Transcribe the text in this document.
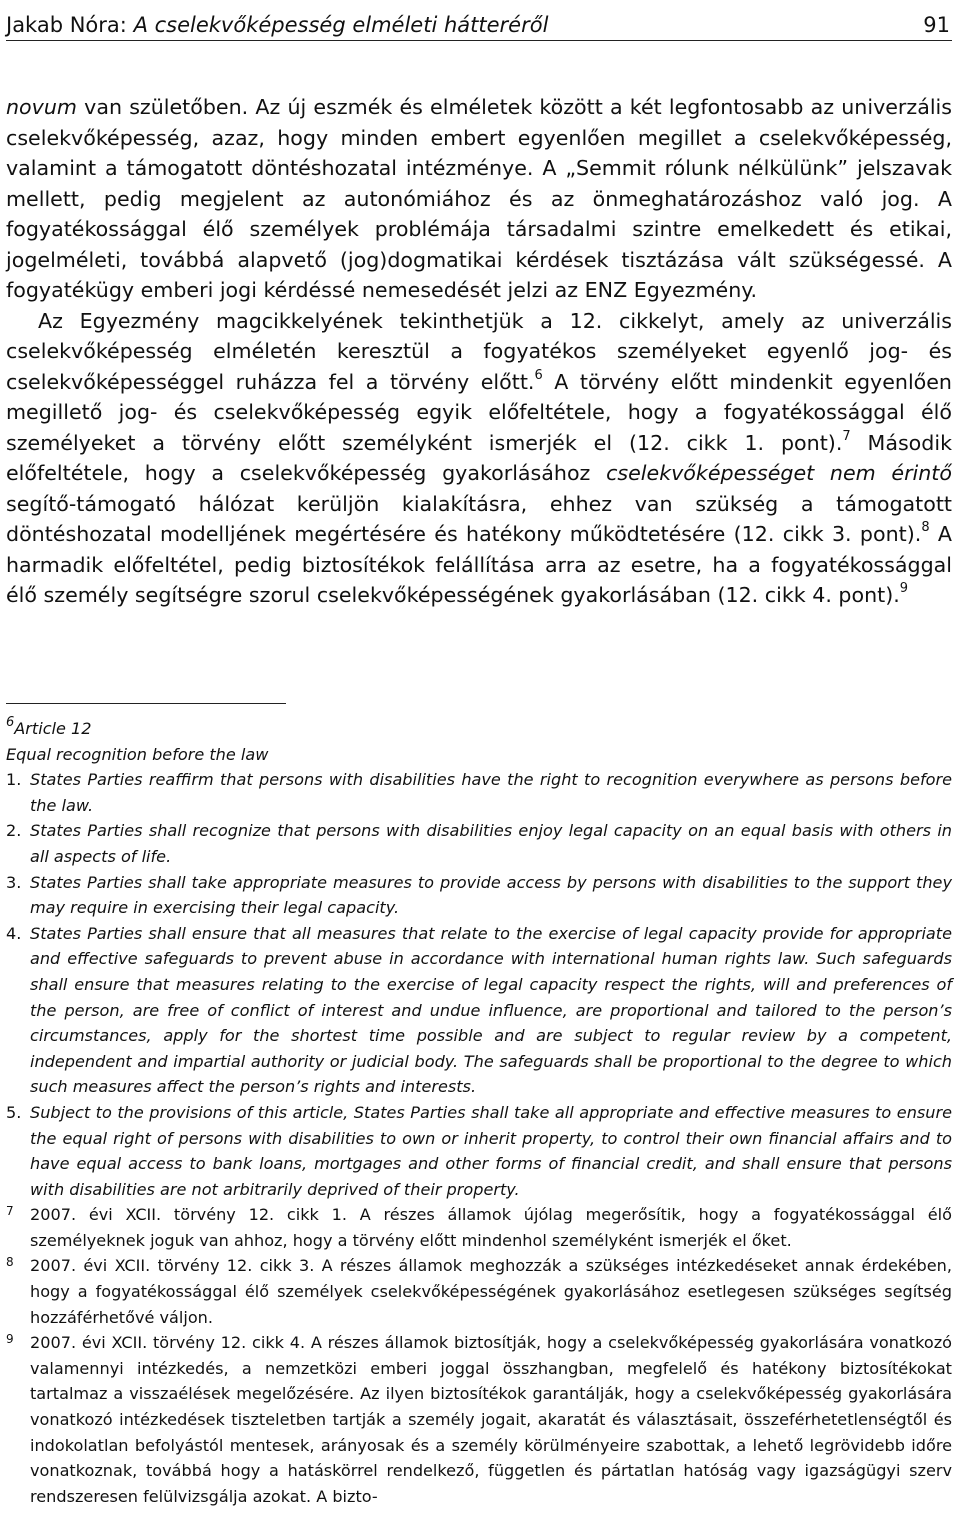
Jakab Nóra: A cselekvőképesség elméleti hátteréről	91

novum van születőben. Az új eszmék és elméletek között a két legfontosabb az univerzális cselekvőképesség, azaz, hogy minden embert egyenlően megillet a cselekvőképesség, valamint a támogatott döntéshozatal intézménye. A „Semmit rólunk nélkülünk” jelszavak mellett, pedig megjelent az autonómiához és az önmeghatározáshoz való jog. A fogyatékossággal élő személyek problémája társadalmi szintre emelkedett és etikai, jogelméleti, továbbá alapvető (jog)dogmatikai kérdések tisztázása vált szükségessé. A fogyatékügy emberi jogi kérdéssé nemesedését jelzi az ENZ Egyezmény.

Az Egyezmény magcikkelyének tekinthetjük a 12. cikkelyt, amely az univerzális cselekvőképesség elméletén keresztül a fogyatékos személyeket egyenlő jog- és cselekvőképességgel ruházza fel a törvény előtt.$^6$ A törvény előtt mindenkit egyenlően megillető jog- és cselekvőképesség egyik előfeltétele, hogy a fogyatékossággal élő személyeket a törvény előtt személyként ismerjék el (12. cikk 1. pont).$^7$ Második előfeltétele, hogy a cselekvőképesség gyakorlásához cselekvőképességet nem érintő segítő-támogató hálózat kerüljön kialakításra, ehhez van szükség a támogatott döntéshozatal modelljének megértésére és hatékony működtetésére (12. cikk 3. pont).$^8$ A harmadik előfeltétel, pedig biztosítékok felállítása arra az esetre, ha a fogyatékossággal élő személy segítségre szorul cselekvőképességének gyakorlásában (12. cikk 4. pont).$^9$

$^6$Article 12

Equal recognition before the law

1. States Parties reaffirm that persons with disabilities have the right to recognition everywhere as persons before the law.
2. States Parties shall recognize that persons with disabilities enjoy legal capacity on an equal basis with others in all aspects of life.
3. States Parties shall take appropriate measures to provide access by persons with disabilities to the support they may require in exercising their legal capacity.
4. States Parties shall ensure that all measures that relate to the exercise of legal capacity provide for appropriate and effective safeguards to prevent abuse in accordance with international human rights law. Such safeguards shall ensure that measures relating to the exercise of legal capacity respect the rights, will and preferences of the person, are free of conflict of interest and undue influence, are proportional and tailored to the person’s circumstances, apply for the shortest time possible and are subject to regular review by a competent, independent and impartial authority or judicial body. The safeguards shall be proportional to the degree to which such measures affect the person’s rights and interests.
5. Subject to the provisions of this article, States Parties shall take all appropriate and effective measures to ensure the equal right of persons with disabilities to own or inherit property, to control their own financial affairs and to have equal access to bank loans, mortgages and other forms of financial credit, and shall ensure that persons with disabilities are not arbitrarily deprived of their property.
7	2007. évi XCII. törvény 12. cikk 1. A részes államok újólag megerősítik, hogy a fogyatékossággal élő személyeknek joguk van ahhoz, hogy a törvény előtt mindenhol személyként ismerjék el őket.
8	2007. évi XCII. törvény 12. cikk 3. A részes államok meghozzák a szükséges intézkedéseket annak érdekében, hogy a fogyatékossággal élő személyek cselekvőképességének gyakorlásához esetlegesen szükséges segítség hozzáférhetővé váljon.
9	2007. évi XCII. törvény 12. cikk 4. A részes államok biztosítják, hogy a cselekvőképesség gyakorlására vonatkozó valamennyi intézkedés, a nemzetközi emberi joggal összhangban, megfelelő és hatékony biztosítékokat tartalmaz a visszaélések megelőzésére. Az ilyen biztosítékok garantálják, hogy a cselekvőképesség gyakorlására vonatkozó intézkedések tiszteletben tartják a személy jogait, akaratát és választásait, összeférhetetlenségtől és indokolatlan befolyástól mentesek, arányosak és a személy körülményeire szabottak, a lehető legrövidebb időre vonatkoznak, továbbá hogy a hatáskörrel rendelkező, független és pártatlan hatóság vagy igazságügyi szerv rendszeresen felülvizsgálja azokat. A bizto-
